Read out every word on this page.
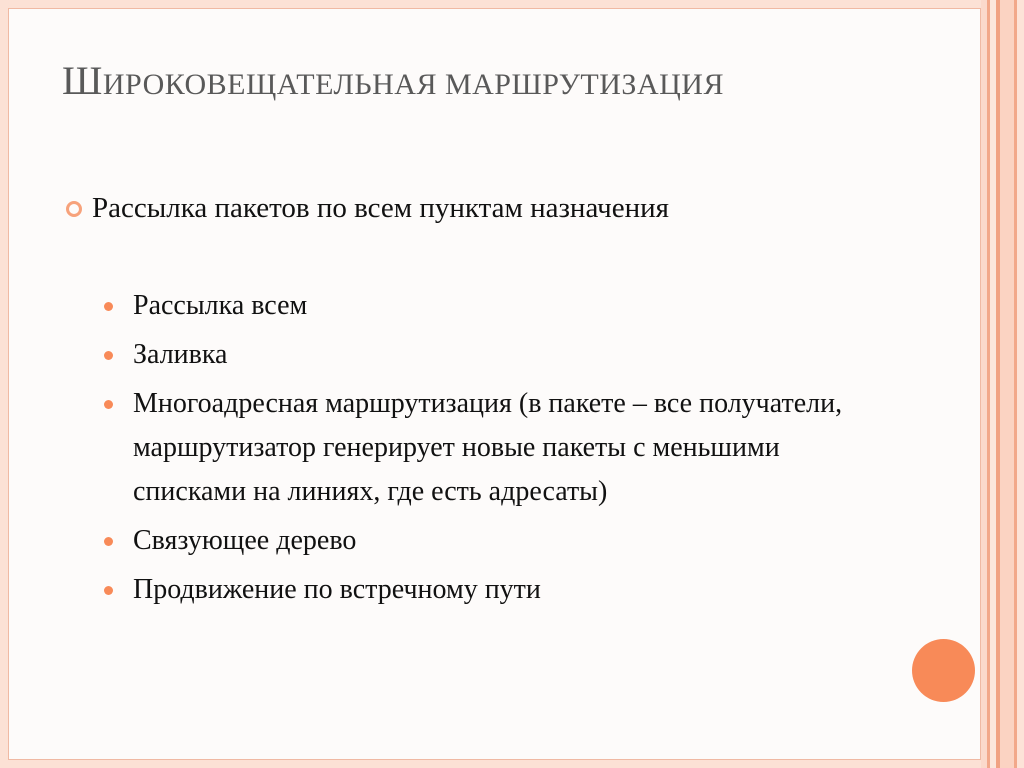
ШИРОКОВЕЩАТЕЛЬНАЯ МАРШРУТИЗАЦИЯ
Рассылка пакетов по всем пунктам назначения
Рассылка всем
Заливка
Многоадресная маршрутизация (в пакете – все получатели, маршрутизатор генерирует новые пакеты с меньшими списками на линиях, где есть адресаты)
Связующее дерево
Продвижение по встречному пути
